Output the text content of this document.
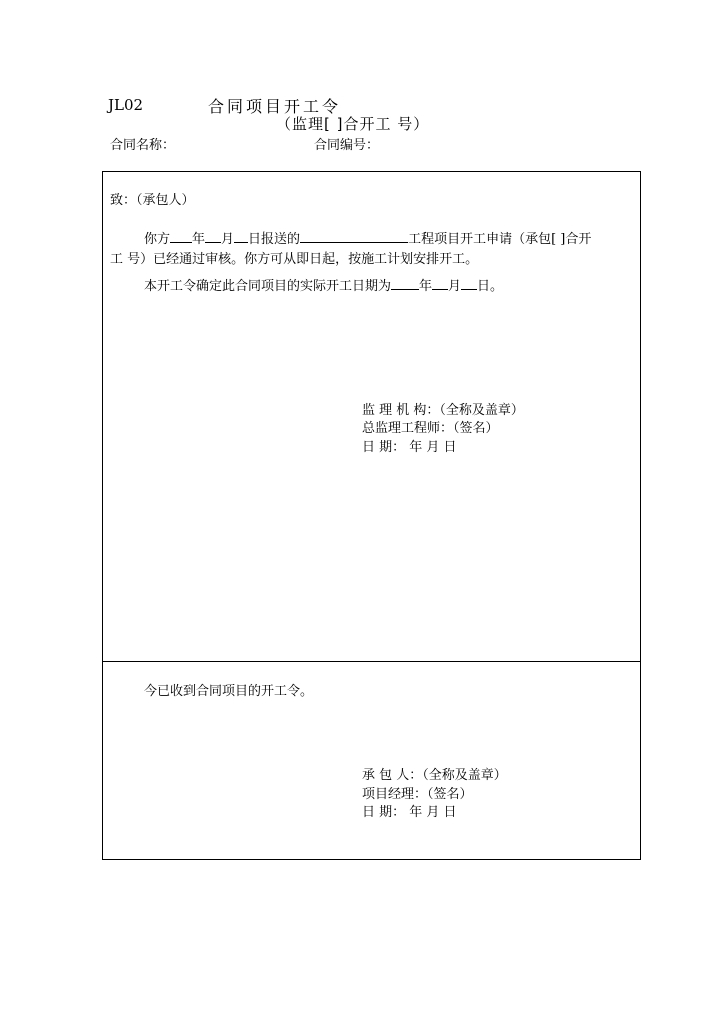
JL02	合同项目开工令
（监理[ ]合开工 号）
合同名称：	合同编号：
致：（承包人）
你方 年 月 日报送的	工程项目开工申请（承包[ ]合开
工 号）已经通过审核。你方可从即日起，按施工计划安排开工。
本开工令确定此合同项目的实际开工日期为 年 月 日。
监 理 机 构：（全称及盖章）
总监理工程师：（签名）
日 期： 年 月 日
今已收到合同项目的开工令。
承 包 人：（全称及盖章）
项目经理：（签名）
日 期： 年 月 日
